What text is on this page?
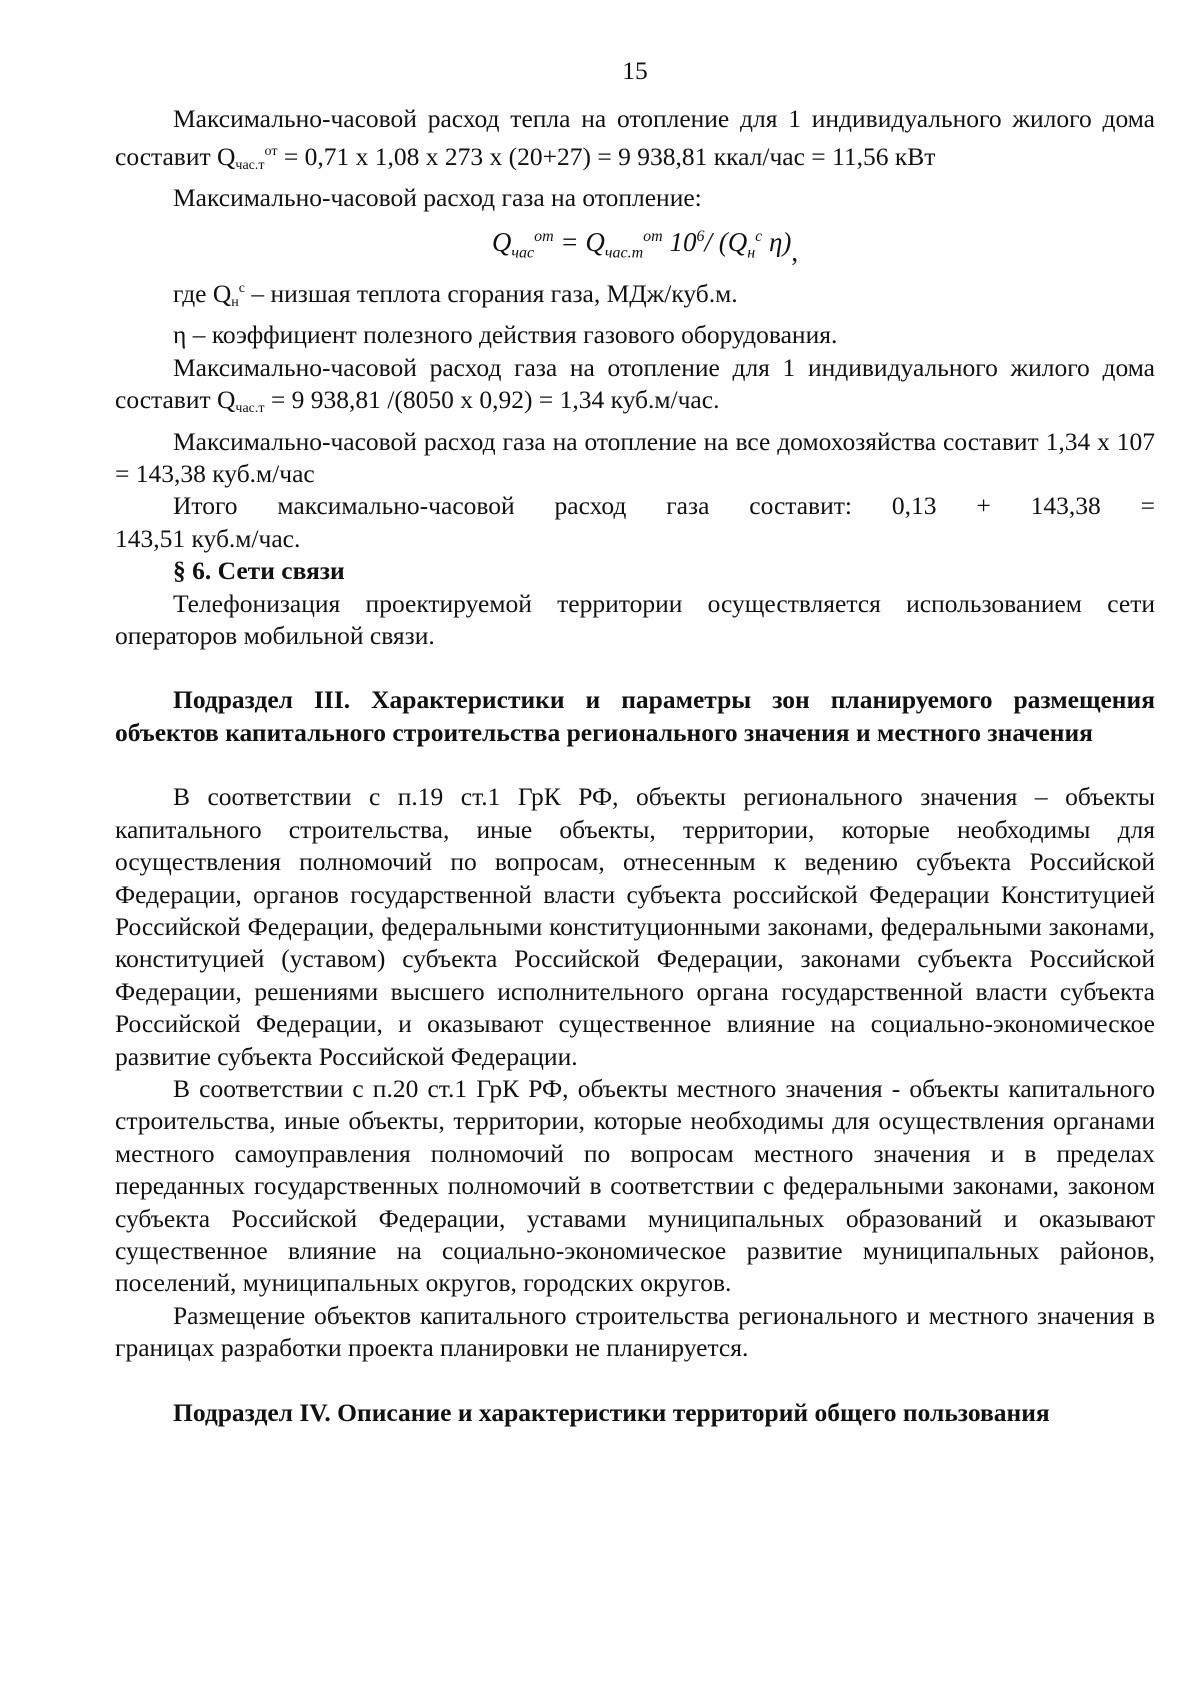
15

Максимально-часовой расход тепла на отопление для 1 индивидуального жилого дома составит $Q_{час.т}^{от} = 0,71$ х 1,08 х 273 х (20+27) = 9 938,81 ккал/час = 11,56 кВт

Максимально-часовой расход газа на отопление:

$Q_{час}^{от} = Q_{час.т}^{от}$ $10^6/$ ($Q_н^с$ η),

где $Q_н^с$ – низшая теплота сгорания газа, МДж/куб.м.

η – коэффициент полезного действия газового оборудования.

Максимально-часовой расход газа на отопление для 1 индивидуального жилого дома составит $Q_{час.т} = 9$ 938,81 /(8050 х 0,92) = 1,34 куб.м/час.

Максимально-часовой расход газа на отопление на все домохозяйства составит 1,34 х 107 = 143,38 куб.м/час

Итого максимально-часовой расход газа составит: 0,13 + 143,38 =

143,51 куб.м/час.

§ 6. Сети связи

Телефонизация проектируемой территории осуществляется использованием сети операторов мобильной связи.

Подраздел III. Характеристики и параметры зон планируемого размещения объектов капитального строительства регионального значения и местного значения

В соответствии с п.19 ст.1 ГрК РФ, объекты регионального значения – объекты капитального строительства, иные объекты, территории, которые необходимы для осуществления полномочий по вопросам, отнесенным к ведению субъекта Российской Федерации, органов государственной власти субъекта российской Федерации Конституцией Российской Федерации, федеральными конституционными законами, федеральными законами, конституцией (уставом) субъекта Российской Федерации, законами субъекта Российской Федерации, решениями высшего исполнительного органа государственной власти субъекта Российской Федерации, и оказывают существенное влияние на социально-экономическое развитие субъекта Российской Федерации.

В соответствии с п.20 ст.1 ГрК РФ, объекты местного значения - объекты капитального строительства, иные объекты, территории, которые необходимы для осуществления органами местного самоуправления полномочий по вопросам местного значения и в пределах переданных государственных полномочий в соответствии с федеральными законами, законом субъекта Российской Федерации, уставами муниципальных образований и оказывают существенное влияние на социально-экономическое развитие муниципальных районов, поселений, муниципальных округов, городских округов.

Размещение объектов капитального строительства регионального и местного значения в границах разработки проекта планировки не планируется.

Подраздел IV. Описание и характеристики территорий общего пользования
